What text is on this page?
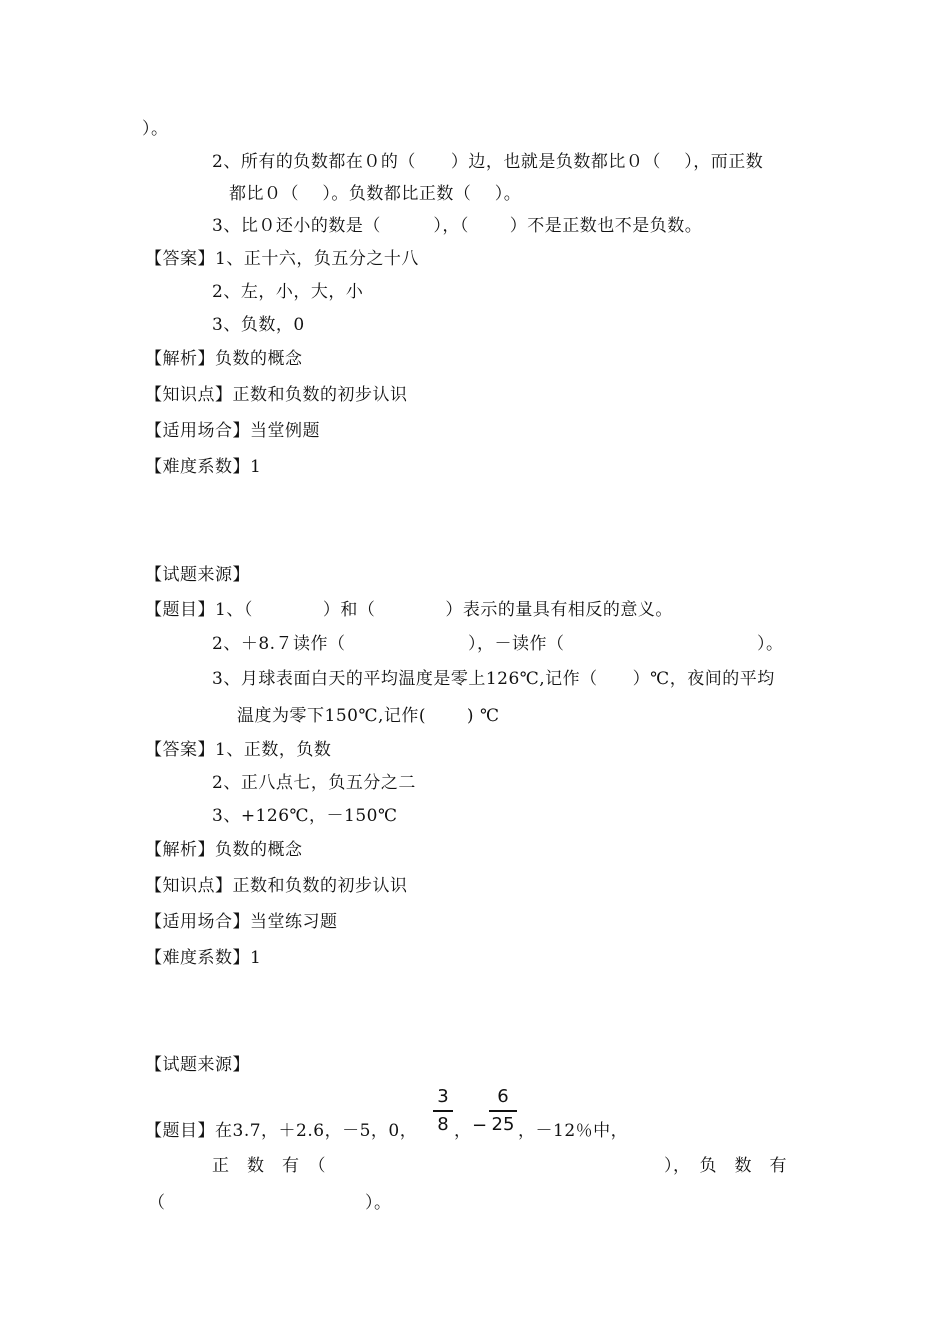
）。
2、所有的负数都在０的（　　）边，也就是负数都比０（　 ），而正数
都比０（　 ）。负数都比正数（　 ）。
3、比０还小的数是（　　　），（　　 ）不是正数也不是负数。
【答案】1、正十六，负五分之十八
2、左，小，大，小
3、负数，0
【解析】负数的概念
【知识点】正数和负数的初步认识
【适用场合】当堂例题
【难度系数】1
【试题来源】
【题目】1、（　　　　）和（　　　　）表示的量具有相反的意义。
2、＋8.７读作（　　　　　　　），－读作（　　　　　　　　　　　）。
3、月球表面白天的平均温度是零上126℃,记作（　　）℃，夜间的平均
温度为零下150℃,记作(　　 ) ℃
【答案】1、正数，负数
2、正八点七，负五分之二
3、+126℃，－150℃
【解析】负数的概念
【知识点】正数和负数的初步认识
【适用场合】当堂练习题
【难度系数】1
【试题来源】
【题目】在3.7，＋2.6，－5，0，
3
8 ， −
6
25 ，－12％中，
正　数　有　（	），　负　数　有
（	）。
